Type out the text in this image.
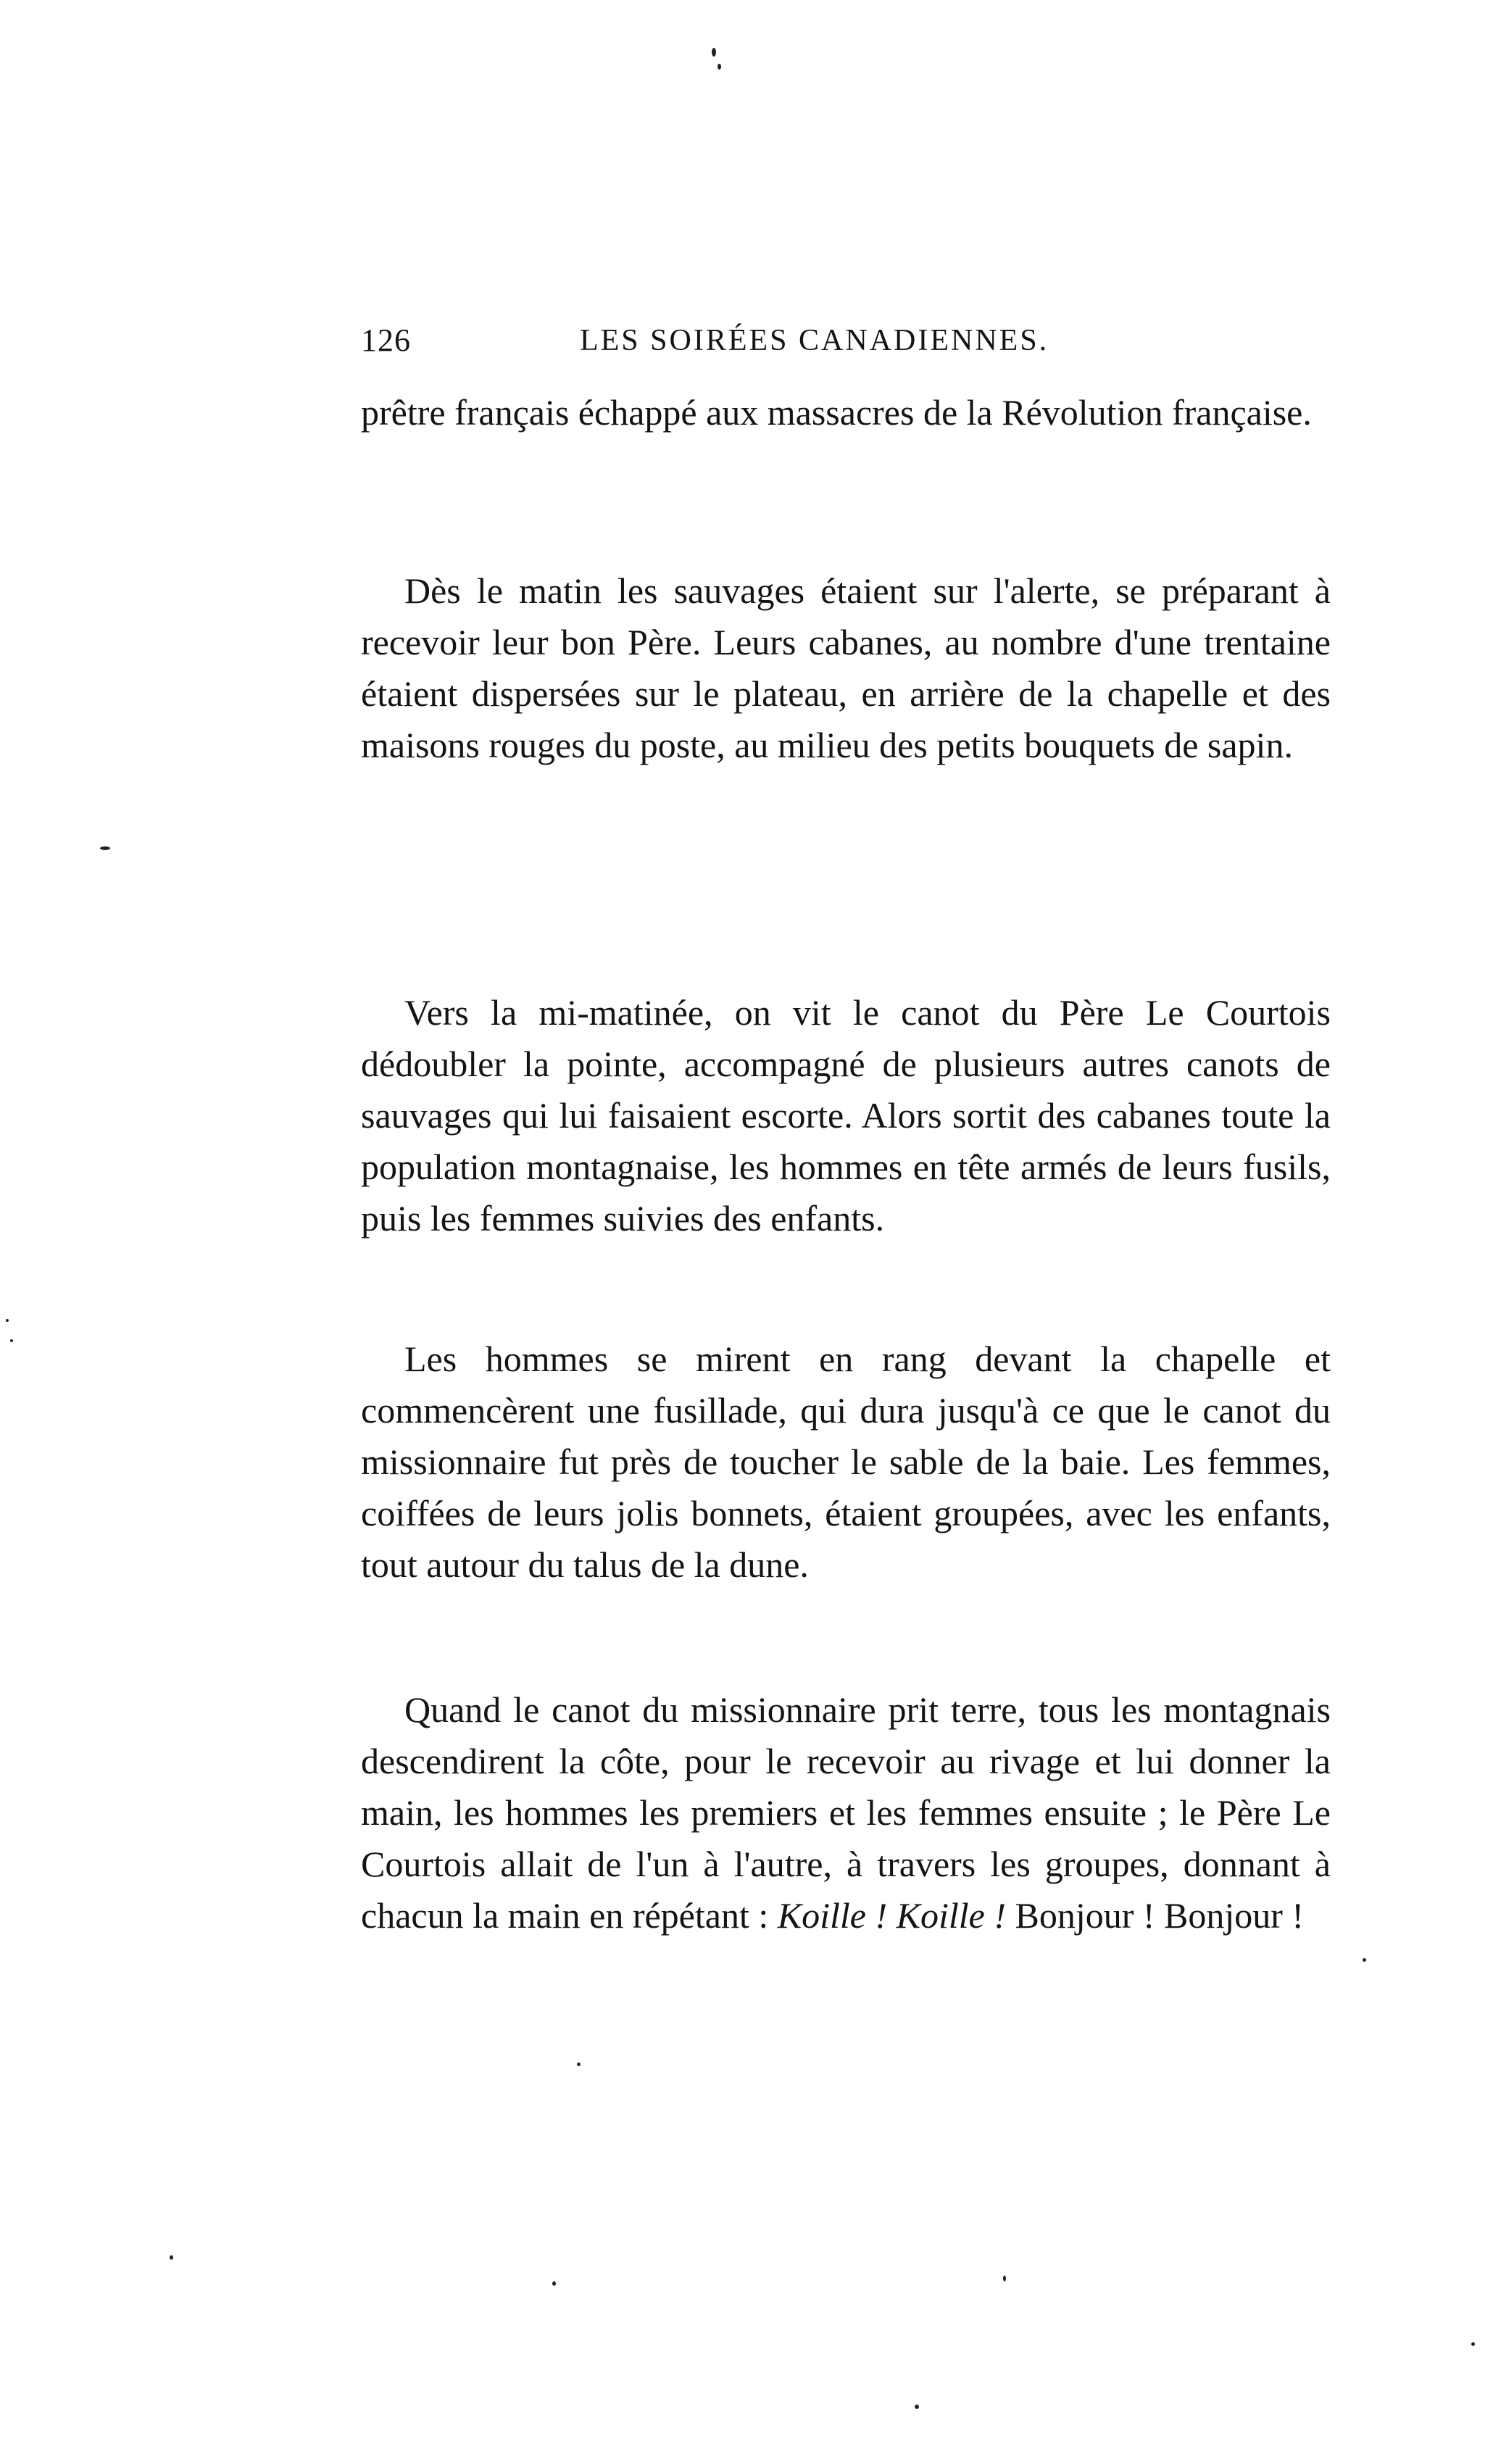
126	LES SOIRÉES CANADIENNES.

prêtre français échappé aux massacres de la Révolution française.

Dès le matin les sauvages étaient sur l'alerte, se préparant à recevoir leur bon Père. Leurs cabanes, au nombre d'une trentaine étaient dispersées sur le plateau, en arrière de la chapelle et des maisons rouges du poste, au milieu des petits bouquets de sapin.

Vers la mi-matinée, on vit le canot du Père Le Courtois dédoubler la pointe, accompagné de plusieurs autres canots de sauvages qui lui faisaient escorte. Alors sortit des cabanes toute la population montagnaise, les hommes en tête armés de leurs fusils, puis les femmes suivies des enfants.

Les hommes se mirent en rang devant la chapelle et commencèrent une fusillade, qui dura jusqu'à ce que le canot du missionnaire fut près de toucher le sable de la baie. Les femmes, coiffées de leurs jolis bonnets, étaient groupées, avec les enfants, tout autour du talus de la dune.

Quand le canot du missionnaire prit terre, tous les montagnais descendirent la côte, pour le recevoir au rivage et lui donner la main, les hommes les premiers et les femmes ensuite ; le Père Le Courtois allait de l'un à l'autre, à travers les groupes, donnant à chacun la main en répétant : Koille ! Koille ! Bonjour ! Bonjour !
